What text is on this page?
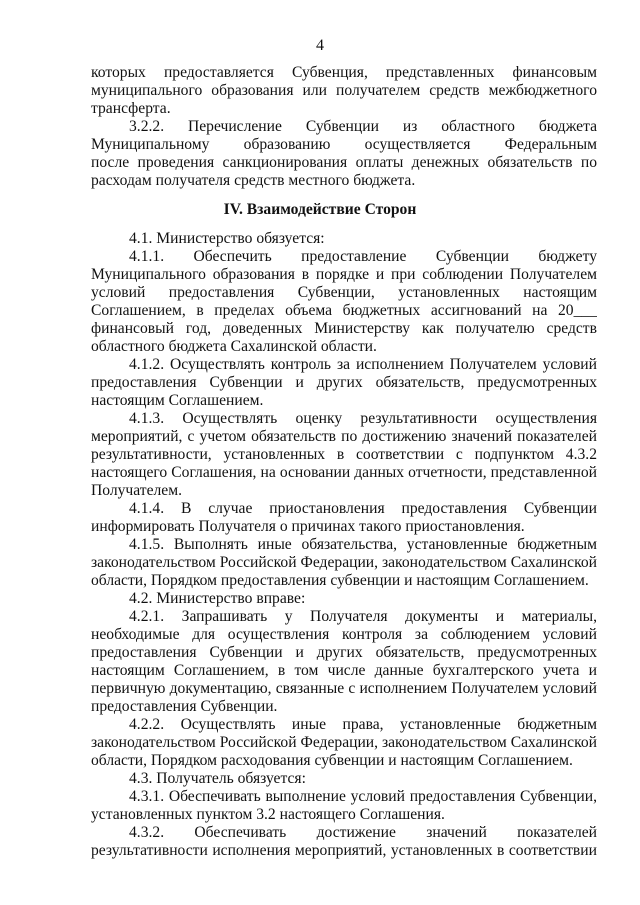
4
которых предоставляется Субвенция, представленных финансовым
муниципального образования или получателем средств межбюджетного
трансферта.
3.2.2. Перечисление Субвенции из областного бюджета
Муниципальному образованию осуществляется Федеральным
после проведения санкционирования оплаты денежных обязательств по
расходам получателя средств местного бюджета.
IV. Взаимодействие Сторон
4.1. Министерство обязуется:
4.1.1. Обеспечить предоставление Субвенции бюджету
Муниципального образования в порядке и при соблюдении Получателем
условий предоставления Субвенции, установленных настоящим
Соглашением, в пределах объема бюджетных ассигнований на 20___
финансовый год, доведенных Министерству как получателю средств
областного бюджета Сахалинской области.
4.1.2. Осуществлять контроль за исполнением Получателем условий
предоставления Субвенции и других обязательств, предусмотренных
настоящим Соглашением.
4.1.3. Осуществлять оценку результативности осуществления
мероприятий, с учетом обязательств по достижению значений показателей
результативности, установленных в соответствии с подпунктом 4.3.2
настоящего Соглашения, на основании данных отчетности, представленной
Получателем.
4.1.4. В случае приостановления предоставления Субвенции
информировать Получателя о причинах такого приостановления.
4.1.5. Выполнять иные обязательства, установленные бюджетным
законодательством Российской Федерации, законодательством Сахалинской
области, Порядком предоставления субвенции и настоящим Соглашением.
4.2. Министерство вправе:
4.2.1. Запрашивать у Получателя документы и материалы,
необходимые для осуществления контроля за соблюдением условий
предоставления Субвенции и других обязательств, предусмотренных
настоящим Соглашением, в том числе данные бухгалтерского учета и
первичную документацию, связанные с исполнением Получателем условий
предоставления Субвенции.
4.2.2. Осуществлять иные права, установленные бюджетным
законодательством Российской Федерации, законодательством Сахалинской
области, Порядком расходования субвенции и настоящим Соглашением.
4.3. Получатель обязуется:
4.3.1. Обеспечивать выполнение условий предоставления Субвенции,
установленных пунктом 3.2 настоящего Соглашения.
4.3.2. Обеспечивать достижение значений показателей
результативности исполнения мероприятий, установленных в соответствии
